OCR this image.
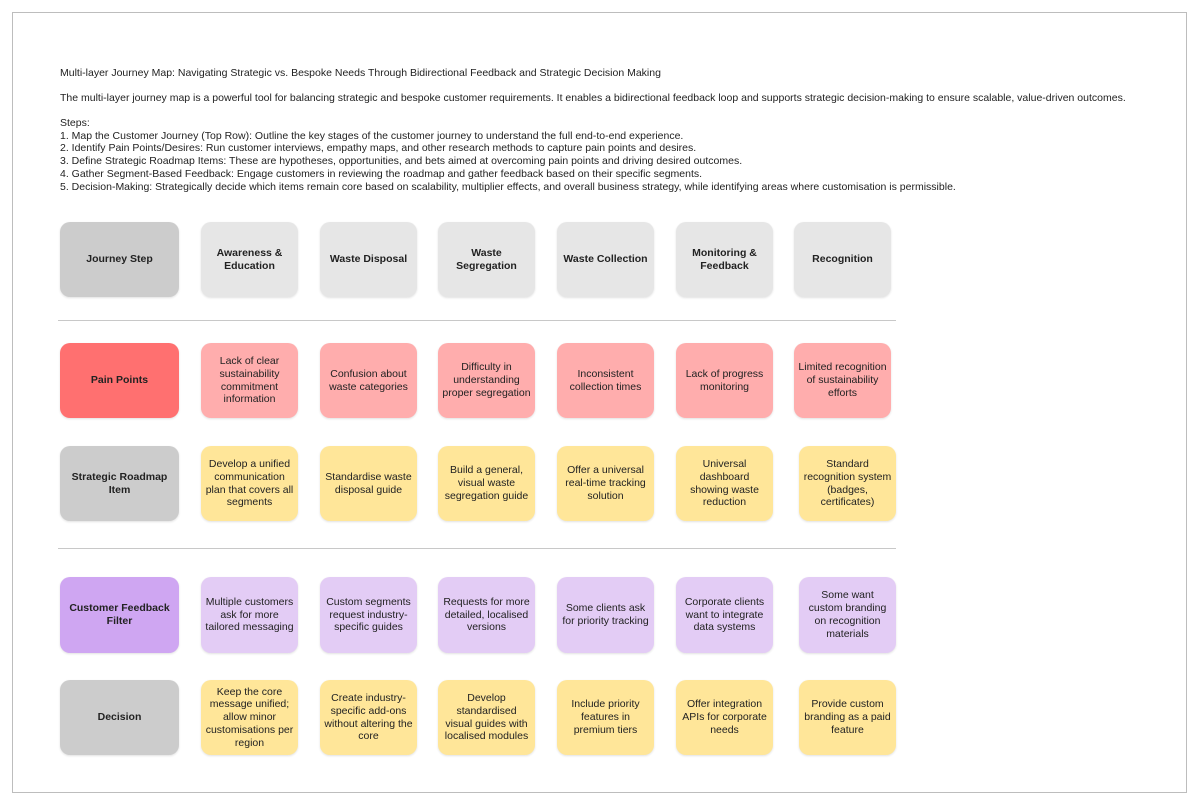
Multi-layer Journey Map: Navigating Strategic vs. Bespoke Needs Through Bidirectional Feedback and Strategic Decision Making
The multi-layer journey map is a powerful tool for balancing strategic and bespoke customer requirements. It enables a bidirectional feedback loop and supports strategic decision-making to ensure scalable, value-driven outcomes.
Steps:
1. Map the Customer Journey (Top Row): Outline the key stages of the customer journey to understand the full end-to-end experience.
2. Identify Pain Points/Desires: Run customer interviews, empathy maps, and other research methods to capture pain points and desires.
3. Define Strategic Roadmap Items: These are hypotheses, opportunities, and bets aimed at overcoming pain points and driving desired outcomes.
4. Gather Segment-Based Feedback: Engage customers in reviewing the roadmap and gather feedback based on their specific segments.
5. Decision-Making: Strategically decide which items remain core based on scalability, multiplier effects, and overall business strategy, while identifying areas where customisation is permissible.
Journey Step
Awareness & Education
Waste Disposal
Waste Segregation
Waste Collection
Monitoring & Feedback
Recognition
Pain Points
Lack of clear sustainability commitment information
Confusion about waste categories
Difficulty in understanding proper segregation
Inconsistent collection times
Lack of progress monitoring
Limited recognition of sustainability efforts
Strategic Roadmap Item
Develop a unified communication plan that covers all segments
Standardise waste disposal guide
Build a general, visual waste segregation guide
Offer a universal real-time tracking solution
Universal dashboard showing waste reduction
Standard recognition system (badges, certificates)
Customer Feedback Filter
Multiple customers ask for more tailored messaging
Custom segments request industry-specific guides
Requests for more detailed, localised versions
Some clients ask for priority tracking
Corporate clients want to integrate data systems
Some want custom branding on recognition materials
Decision
Keep the core message unified; allow minor customisations per region
Create industry-specific add-ons without altering the core
Develop standardised visual guides with localised modules
Include priority features in premium tiers
Offer integration APIs for corporate needs
Provide custom branding as a paid feature
